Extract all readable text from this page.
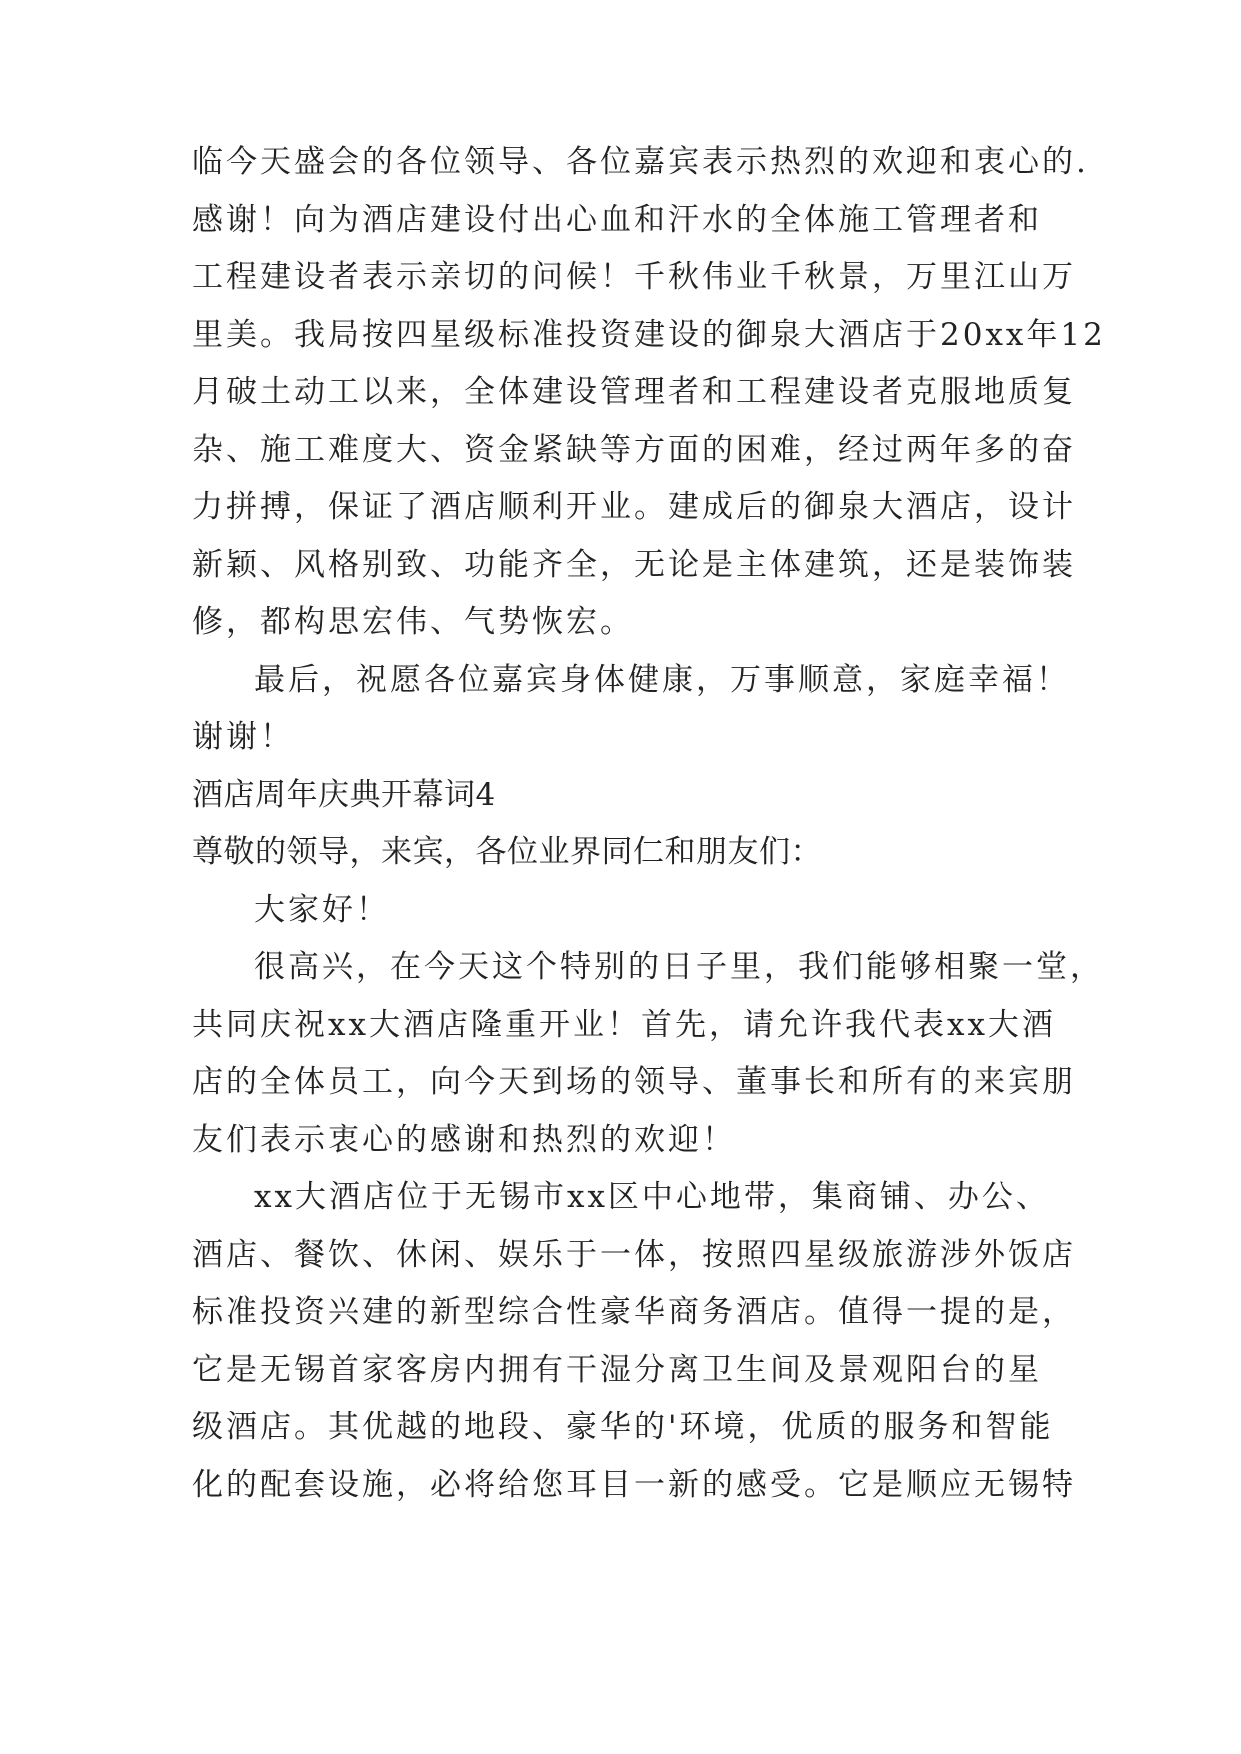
临今天盛会的各位领导、各位嘉宾表示热烈的欢迎和衷心的.
感谢！向为酒店建设付出心血和汗水的全体施工管理者和
工程建设者表示亲切的问候！千秋伟业千秋景，万里江山万
里美。我局按四星级标准投资建设的御泉大酒店于20xx年12
月破土动工以来，全体建设管理者和工程建设者克服地质复
杂、施工难度大、资金紧缺等方面的困难，经过两年多的奋
力拼搏，保证了酒店顺利开业。建成后的御泉大酒店，设计
新颖、风格别致、功能齐全，无论是主体建筑，还是装饰装
修，都构思宏伟、气势恢宏。
最后，祝愿各位嘉宾身体健康，万事顺意，家庭幸福！
谢谢！
酒店周年庆典开幕词4
尊敬的领导，来宾，各位业界同仁和朋友们：
大家好！
很高兴，在今天这个特别的日子里，我们能够相聚一堂，
共同庆祝xx大酒店隆重开业！首先，请允许我代表xx大酒
店的全体员工，向今天到场的领导、董事长和所有的来宾朋
友们表示衷心的感谢和热烈的欢迎！
xx大酒店位于无锡市xx区中心地带，集商铺、办公、
酒店、餐饮、休闲、娱乐于一体，按照四星级旅游涉外饭店
标准投资兴建的新型综合性豪华商务酒店。值得一提的是，
它是无锡首家客房内拥有干湿分离卫生间及景观阳台的星
级酒店。其优越的地段、豪华的'环境，优质的服务和智能
化的配套设施，必将给您耳目一新的感受。它是顺应无锡特
